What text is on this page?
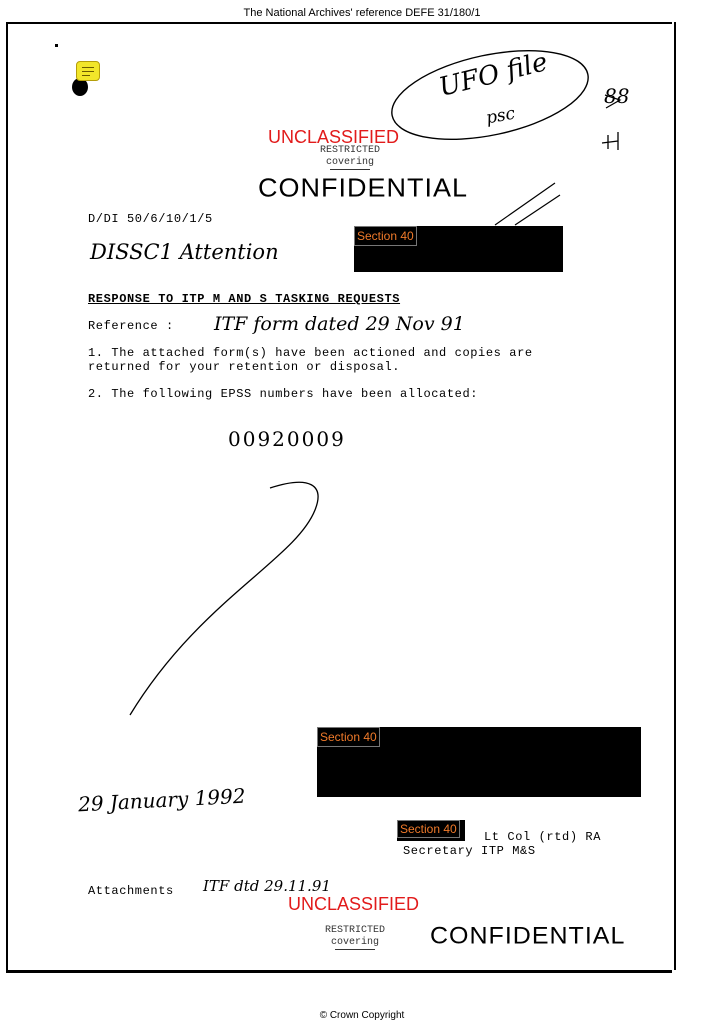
The National Archives' reference DEFE 31/180/1
UFO file
psc
88
UNCLASSIFIED
RESTRICTED
covering
CONFIDENTIAL
D/DI 50/6/10/1/5
DISSC1 Attention
Section 40
RESPONSE TO ITP M AND S TASKING REQUESTS
Reference : ITF form dated 29 Nov 91
1. The attached form(s) have been actioned and copies are
returned for your retention or disposal.
2. The following EPSS numbers have been allocated:
00920009
Section 40
29 January 1992
Section 40
Lt Col (rtd) RA
Secretary ITP M&S
Attachments ITF dtd 29.11.91
UNCLASSIFIED
RESTRICTED
covering	CONFIDENTIAL
© Crown Copyright
